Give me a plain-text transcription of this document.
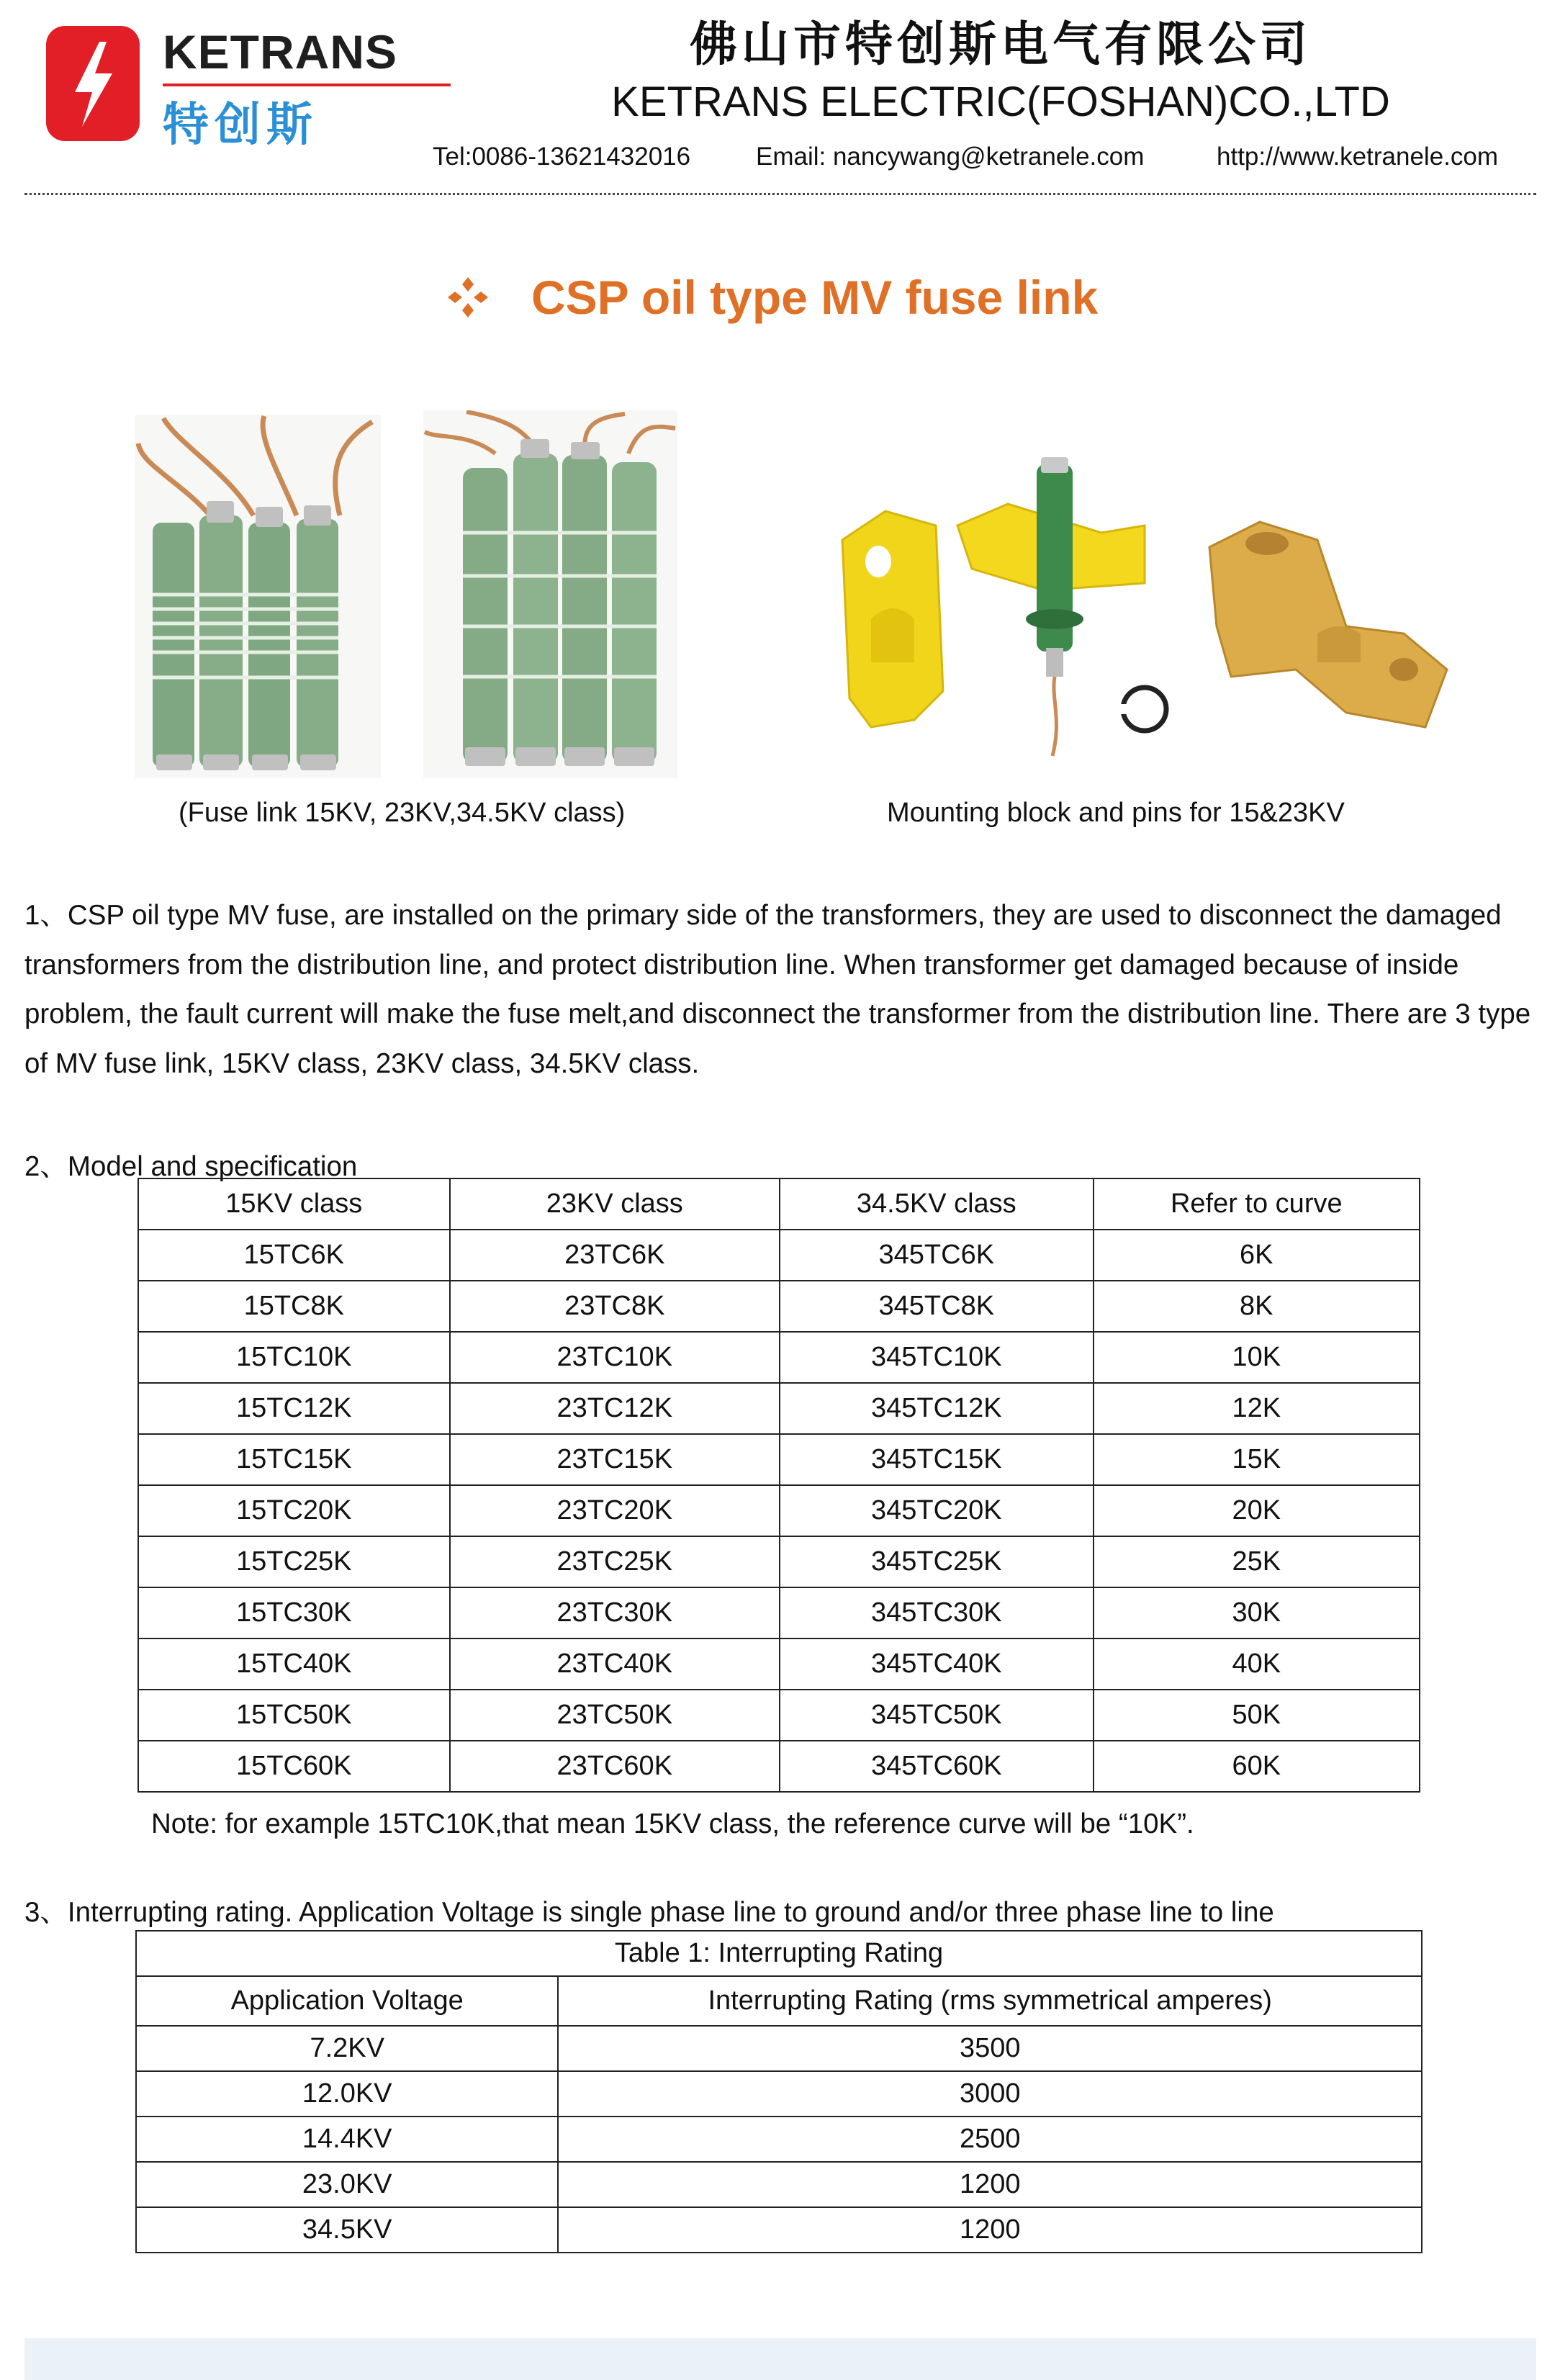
KETRANS
特创斯
佛山市特创斯电气有限公司
KETRANS ELECTRIC(FOSHAN)CO.,LTD
Tel:0086-13621432016	Email: nancywang@ketranele.com	http://www.ketranele.com
CSP oil type MV fuse link
(Fuse link 15KV, 23KV,34.5KV class)	Mounting block and pins for 15&23KV

1、CSP oil type MV fuse, are installed on the primary side of the transformers, they are used to disconnect the damaged transformers from the distribution line, and protect distribution line. When transformer get damaged because of inside problem, the fault current will make the fuse melt,and disconnect the transformer from the distribution line. There are 3 type of MV fuse link, 15KV class, 23KV class, 34.5KV class.

2、Model and specification
15KV class	23KV class	34.5KV class	Refer to curve
15TC6K	23TC6K	345TC6K	6K
15TC8K	23TC8K	345TC8K	8K
15TC10K	23TC10K	345TC10K	10K
15TC12K	23TC12K	345TC12K	12K
15TC15K	23TC15K	345TC15K	15K
15TC20K	23TC20K	345TC20K	20K
15TC25K	23TC25K	345TC25K	25K
15TC30K	23TC30K	345TC30K	30K
15TC40K	23TC40K	345TC40K	40K
15TC50K	23TC50K	345TC50K	50K
15TC60K	23TC60K	345TC60K	60K
Note: for example 15TC10K,that mean 15KV class, the reference curve will be “10K”.
3、Interrupting rating. Application Voltage is single phase line to ground and/or three phase line to line
Table 1: Interrupting Rating	
Application Voltage	Interrupting Rating (rms symmetrical amperes)
7.2KV	3500
12.0KV	3000
14.4KV	2500
23.0KV	1200
34.5KV	1200
